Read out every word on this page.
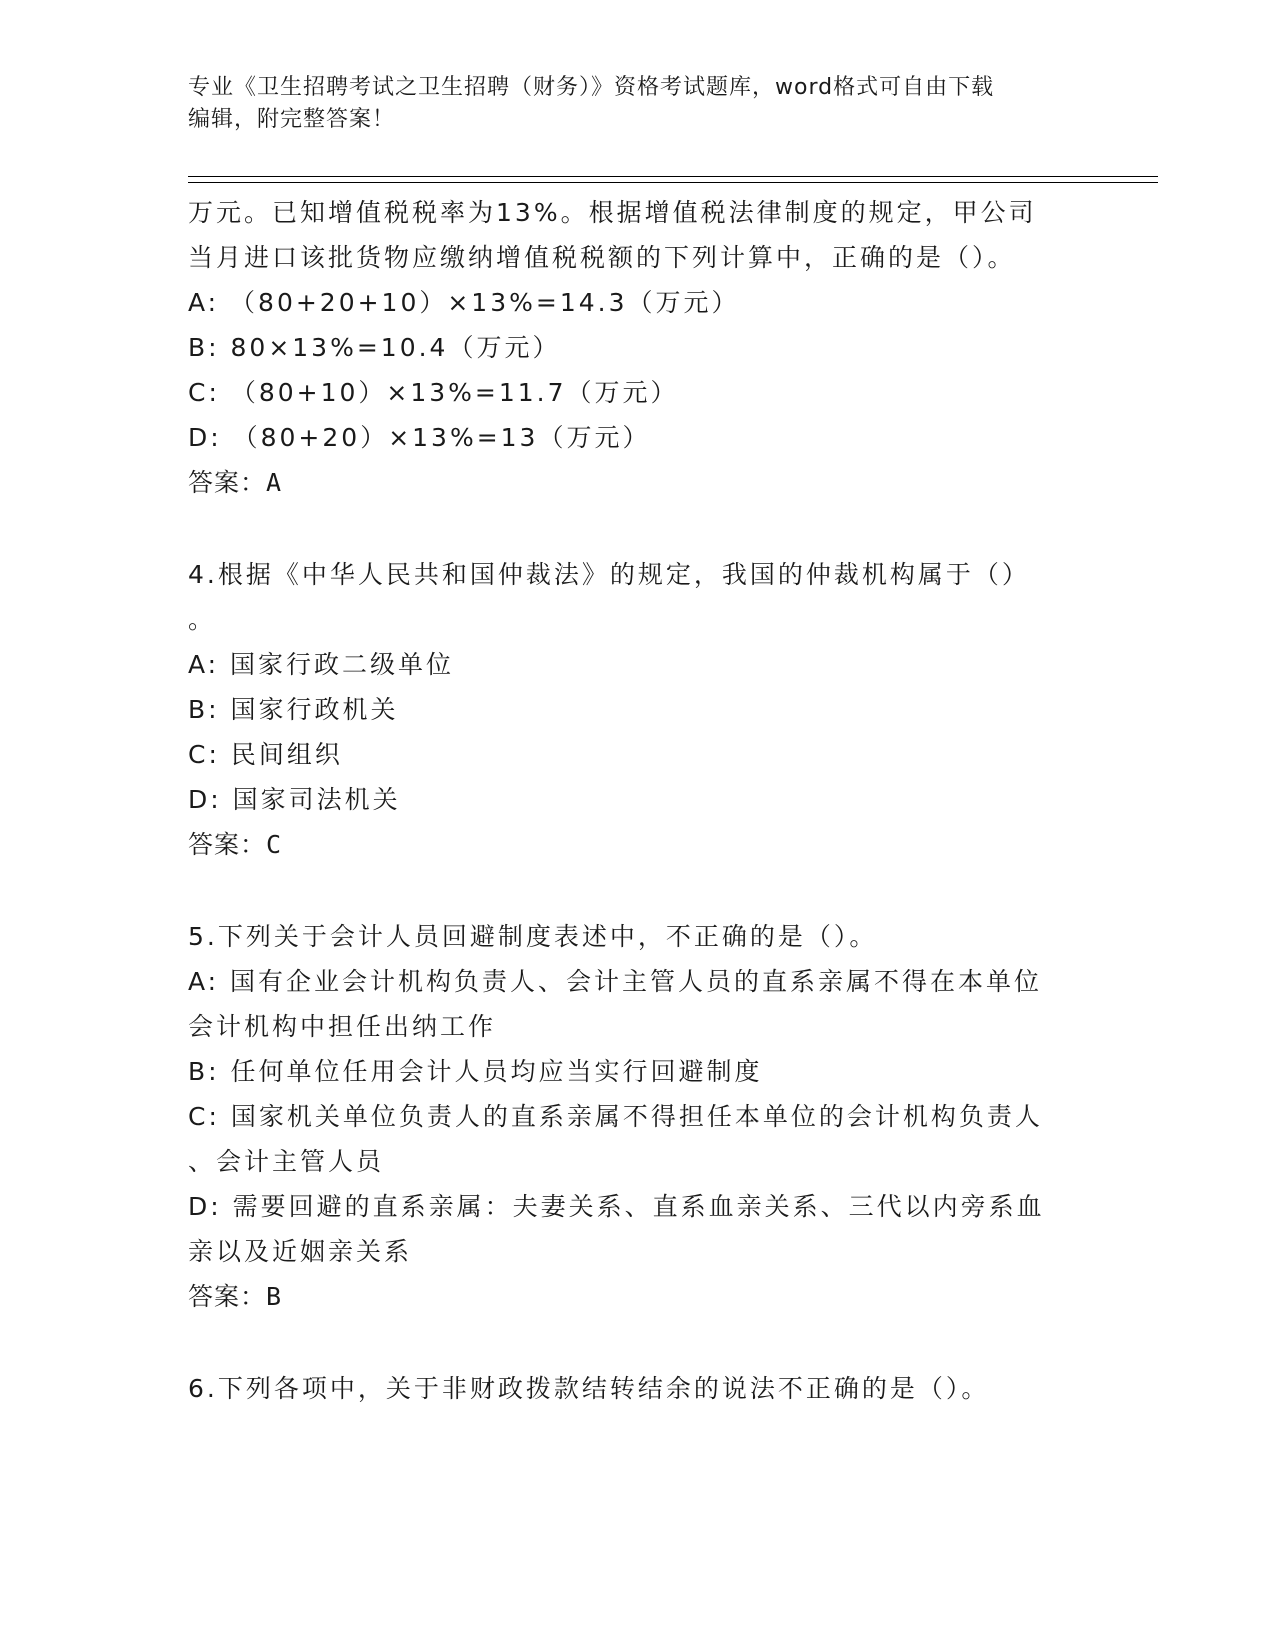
专业《卫生招聘考试之卫生招聘（财务）》资格考试题库，word格式可自由下载
编辑，附完整答案！
万元。已知增值税税率为13%。根据增值税法律制度的规定，甲公司
当月进口该批货物应缴纳增值税税额的下列计算中，正确的是（）。
A: （80+20+10）×13%=14.3（万元）
B: 80×13%=10.4（万元）
C: （80+10）×13%=11.7（万元）
D: （80+20）×13%=13（万元）
答案：A
4.根据《中华人民共和国仲裁法》的规定，我国的仲裁机构属于（）
。
A: 国家行政二级单位
B: 国家行政机关
C: 民间组织
D: 国家司法机关
答案：C
5.下列关于会计人员回避制度表述中，不正确的是（）。
A: 国有企业会计机构负责人、会计主管人员的直系亲属不得在本单位
会计机构中担任出纳工作
B: 任何单位任用会计人员均应当实行回避制度
C: 国家机关单位负责人的直系亲属不得担任本单位的会计机构负责人
、会计主管人员
D: 需要回避的直系亲属：夫妻关系、直系血亲关系、三代以内旁系血
亲以及近姻亲关系
答案：B
6.下列各项中，关于非财政拨款结转结余的说法不正确的是（）。
